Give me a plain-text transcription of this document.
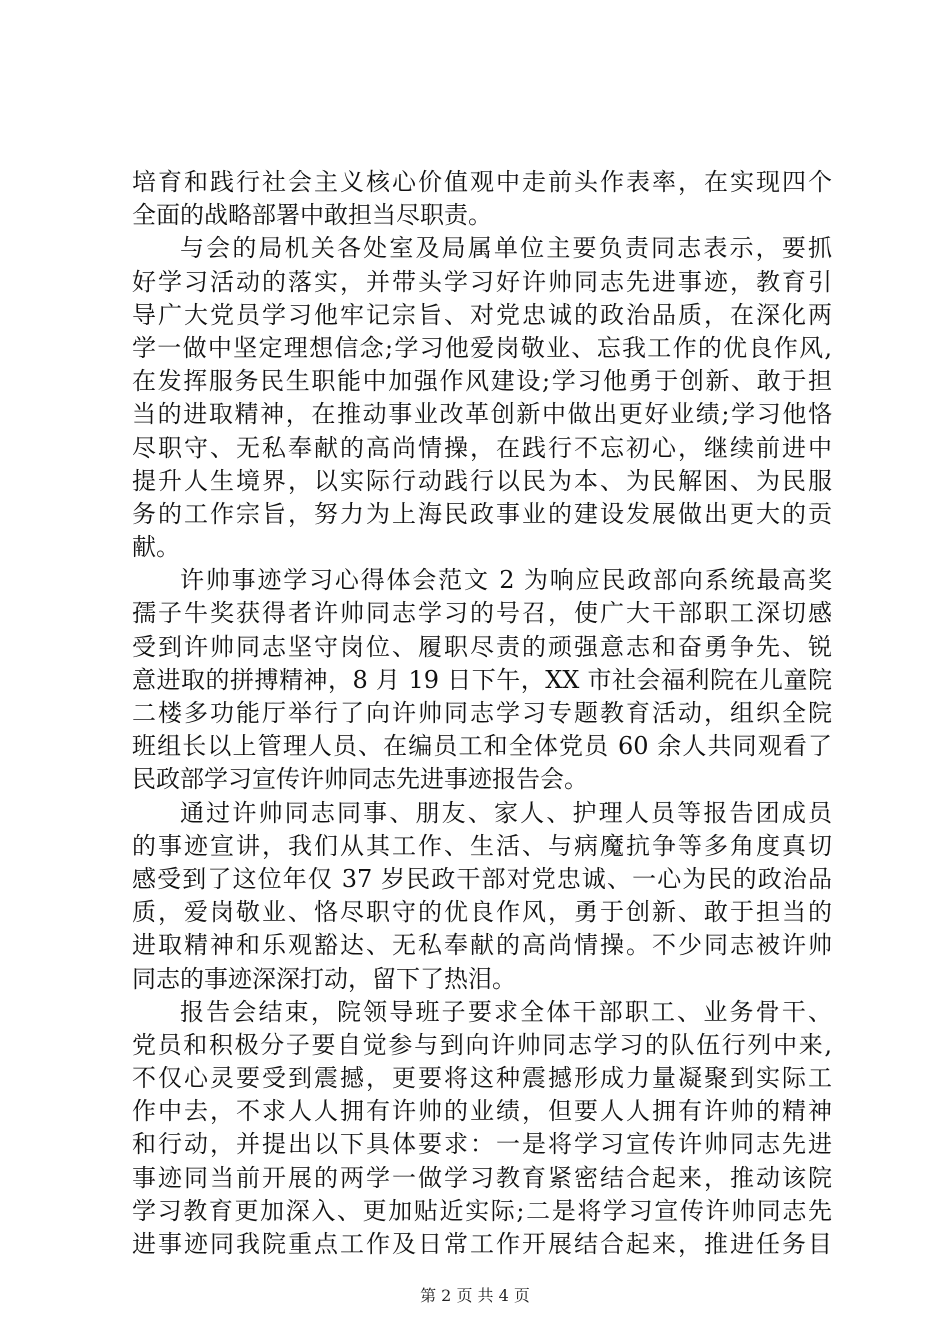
培育和践行社会主义核心价值观中走前头作表率，在实现四个
全面的战略部署中敢担当尽职责。
与会的局机关各处室及局属单位主要负责同志表示，要抓
好学习活动的落实，并带头学习好许帅同志先进事迹，教育引
导广大党员学习他牢记宗旨、对党忠诚的政治品质，在深化两
学一做中坚定理想信念;学习他爱岗敬业、忘我工作的优良作风,
在发挥服务民生职能中加强作风建设;学习他勇于创新、敢于担
当的进取精神，在推动事业改革创新中做出更好业绩;学习他恪
尽职守、无私奉献的高尚情操，在践行不忘初心，继续前进中
提升人生境界，以实际行动践行以民为本、为民解困、为民服
务的工作宗旨，努力为上海民政事业的建设发展做出更大的贡
献。
许帅事迹学习心得体会范文 2 为响应民政部向系统最高奖
孺子牛奖获得者许帅同志学习的号召，使广大干部职工深切感
受到许帅同志坚守岗位、履职尽责的顽强意志和奋勇争先、锐
意进取的拼搏精神，8 月 19 日下午，XX 市社会福利院在儿童院
二楼多功能厅举行了向许帅同志学习专题教育活动，组织全院
班组长以上管理人员、在编员工和全体党员 60 余人共同观看了
民政部学习宣传许帅同志先进事迹报告会。
通过许帅同志同事、朋友、家人、护理人员等报告团成员
的事迹宣讲，我们从其工作、生活、与病魔抗争等多角度真切
感受到了这位年仅 37 岁民政干部对党忠诚、一心为民的政治品
质，爱岗敬业、恪尽职守的优良作风，勇于创新、敢于担当的
进取精神和乐观豁达、无私奉献的高尚情操。不少同志被许帅
同志的事迹深深打动，留下了热泪。
报告会结束，院领导班子要求全体干部职工、业务骨干、
党员和积极分子要自觉参与到向许帅同志学习的队伍行列中来,
不仅心灵要受到震撼，更要将这种震撼形成力量凝聚到实际工
作中去，不求人人拥有许帅的业绩，但要人人拥有许帅的精神
和行动，并提出以下具体要求：一是将学习宣传许帅同志先进
事迹同当前开展的两学一做学习教育紧密结合起来，推动该院
学习教育更加深入、更加贴近实际;二是将学习宣传许帅同志先
进事迹同我院重点工作及日常工作开展结合起来，推进任务目
第 2 页 共 4 页
